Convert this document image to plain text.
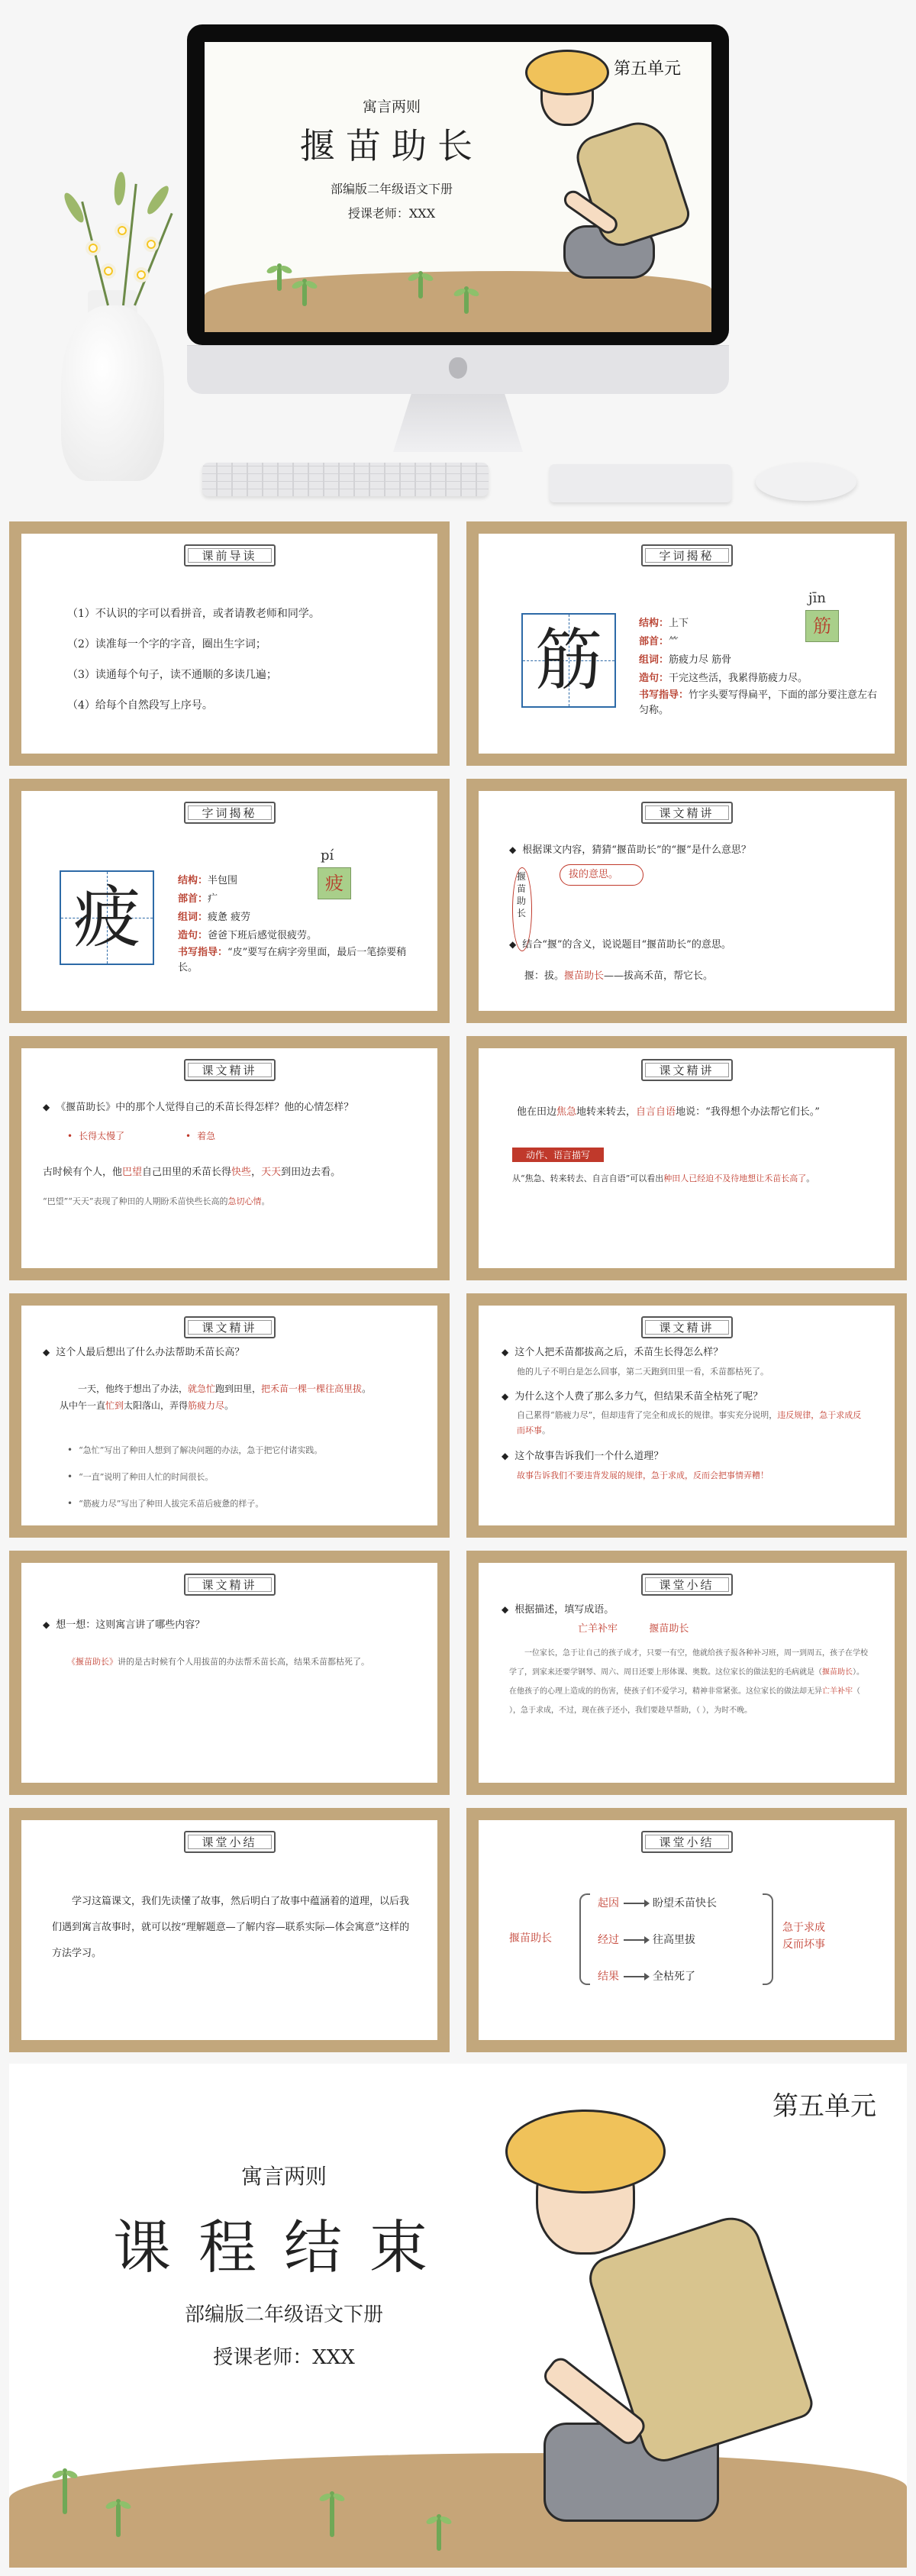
第五单元
寓言两则
揠苗助长
部编版二年级语文下册
授课老师：XXX
课前导读
（1）不认识的字可以看拼音，或者请教老师和同学。
（2）读准每一个字的字音，圈出生字词；
（3）读通每个句子，读不通顺的多读几遍；
（4）给每个自然段写上序号。
字词揭秘
筋
jīn
筋
结构：上下
部首：⺮
组词：筋疲力尽 筋骨
造句：干完这些活，我累得筋疲力尽。
书写指导：竹字头要写得扁平，下面的部分要注意左右匀称。
字词揭秘
疲
pí
疲
结构：半包围
部首：疒
组词：疲惫 疲劳
造句：爸爸下班后感觉很疲劳。
书写指导：“皮”要写在病字旁里面，最后一笔捺要稍长。
课文精讲
◆ 根据课文内容，猜猜“揠苗助长”的“揠”是什么意思？
揠苗助长
拔的意思。
◆ 结合“揠”的含义，说说题目“揠苗助长”的意思。
揠：拔。揠苗助长——拔高禾苗，帮它长。
课文精讲
◆ 《揠苗助长》中的那个人觉得自己的禾苗长得怎样？他的心情怎样？
• 长得太慢了	• 着急
古时候有个人，他巴望自己田里的禾苗长得快些，天天到田边去看。
“巴望”“天天”表现了种田的人期盼禾苗快些长高的急切心情。
课文精讲
他在田边焦急地转来转去，自言自语地说：“我得想个办法帮它们长。”
动作、语言描写
从“焦急、转来转去、自言自语”可以看出种田人已经迫不及待地想让禾苗长高了。
课文精讲
◆ 这个人最后想出了什么办法帮助禾苗长高？
一天，他终于想出了办法，就急忙跑到田里，把禾苗一棵一棵往高里拔。从中午一直忙到太阳落山，弄得筋疲力尽。
• “急忙”写出了种田人想到了解决问题的办法，急于把它付诸实践。
• “一直”说明了种田人忙的时间很长。
• “筋疲力尽”写出了种田人拔完禾苗后疲惫的样子。
课文精讲
◆ 这个人把禾苗都拔高之后，禾苗生长得怎么样？
他的儿子不明白是怎么回事，第二天跑到田里一看，禾苗都枯死了。
◆ 为什么这个人费了那么多力气，但结果禾苗全枯死了呢？
自己累得“筋疲力尽”，但却违背了完全和成长的规律。事实充分说明，违反规律，急于求成反而坏事。
◆ 这个故事告诉我们一个什么道理？
故事告诉我们不要违背发展的规律，急于求成，反而会把事情弄糟！
课文精讲
◆ 想一想：这则寓言讲了哪些内容？
《揠苗助长》讲的是古时候有个人用拔苗的办法帮禾苗长高，结果禾苗都枯死了。
课堂小结
◆ 根据描述，填写成语。
亡羊补牢          揠苗助长
一位家长，急于让自己的孩子成才，只要一有空，他就给孩子报各种补习班，周一到周五，孩子在学校学了，到家来还要学钢琴、周六、周日还要上形体课、奥数。这位家长的做法犯的毛病就是（揠苗助长）。在他孩子的心理上造成的的伤害，使孩子们不爱学习，精神非常紧张。这位家长的做法却无异亡羊补牢（ ），急于求成，不过，现在孩子还小，我们要趁早帮助，（ ），为时不晚。
课堂小结
学习这篇课文，我们先读懂了故事，然后明白了故事中蕴涵着的道理，以后我们遇到寓言故事时，就可以按“理解题意—了解内容—联系实际—体会寓意”这样的方法学习。
课堂小结
揠苗助长
起因	盼望禾苗快长
经过	往高里拔
结果	全枯死了
急于求成
反而坏事
第五单元
寓言两则
课程结束
部编版二年级语文下册
授课老师：XXX
